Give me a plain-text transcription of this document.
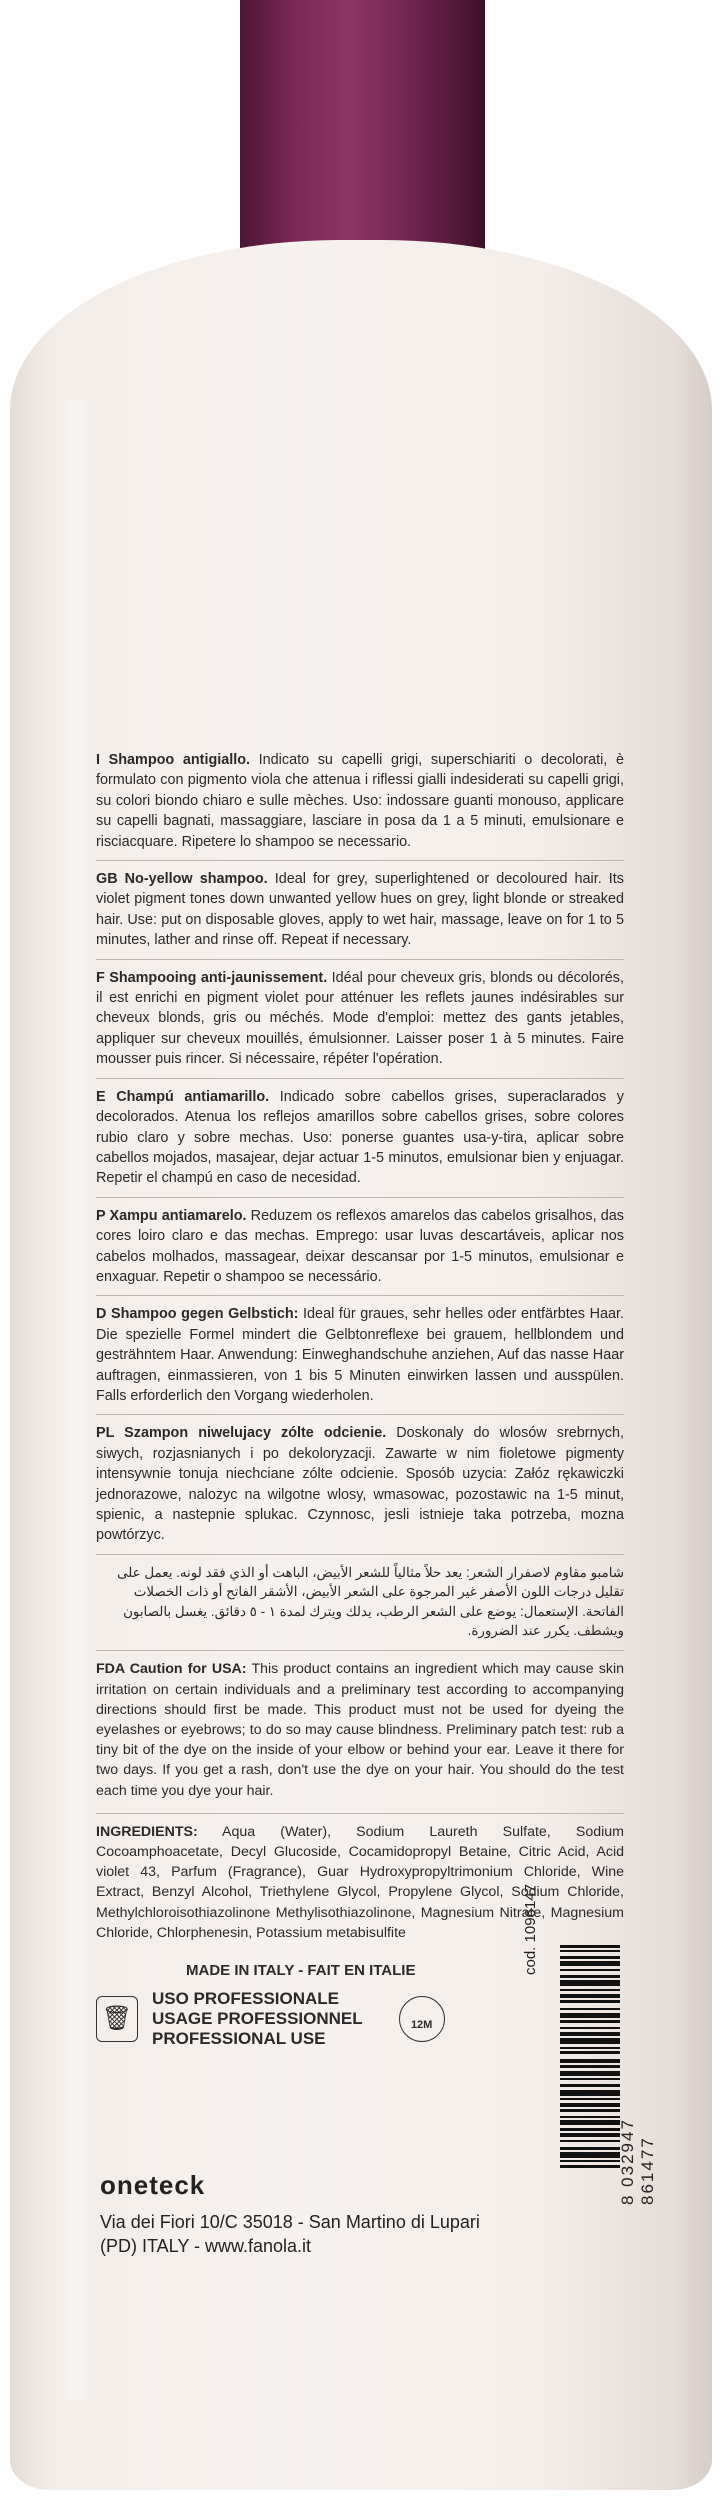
I Shampoo antigiallo. Indicato su capelli grigi, superschiariti o decolorati, è formulato con pigmento viola che attenua i riflessi gialli indesiderati su capelli grigi, su colori biondo chiaro e sulle mèches. Uso: indossare guanti monouso, applicare su capelli bagnati, massaggiare, lasciare in posa da 1 a 5 minuti, emulsionare e risciacquare. Ripetere lo shampoo se necessario.

GB No-yellow shampoo. Ideal for grey, superlightened or decoloured hair. Its violet pigment tones down unwanted yellow hues on grey, light blonde or streaked hair. Use: put on disposable gloves, apply to wet hair, massage, leave on for 1 to 5 minutes, lather and rinse off. Repeat if necessary.

F Shampooing anti-jaunissement. Idéal pour cheveux gris, blonds ou décolorés, il est enrichi en pigment violet pour atténuer les reflets jaunes indésirables sur cheveux blonds, gris ou méchés. Mode d'emploi: mettez des gants jetables, appliquer sur cheveux mouillés, émulsionner. Laisser poser 1 à 5 minutes. Faire mousser puis rincer. Si nécessaire, répéter l'opération.

E Champú antiamarillo. Indicado sobre cabellos grises, superaclarados y decolorados. Atenua los reflejos amarillos sobre cabellos grises, sobre colores rubio claro y sobre mechas. Uso: ponerse guantes usa-y-tira, aplicar sobre cabellos mojados, masajear, dejar actuar 1-5 minutos, emulsionar bien y enjuagar. Repetir el champú en caso de necesidad.

P Xampu antiamarelo. Reduzem os reflexos amarelos das cabelos grisalhos, das cores loiro claro e das mechas. Emprego: usar luvas descartáveis, aplicar nos cabelos molhados, massagear, deixar descansar por 1-5 minutos, emulsionar e enxaguar. Repetir o shampoo se necessário.

D Shampoo gegen Gelbstich: Ideal für graues, sehr helles oder entfärbtes Haar. Die spezielle Formel mindert die Gelbtonreflexe bei grauem, hellblondem und gesträhntem Haar. Anwendung: Einweghandschuhe anziehen, Auf das nasse Haar auftragen, einmassieren, von 1 bis 5 Minuten einwirken lassen und ausspülen. Falls erforderlich den Vorgang wiederholen.

PL Szampon niwelujacy zólte odcienie. Doskonaly do wlosów srebrnych, siwych, rozjasnianych i po dekoloryzacji. Zawarte w nim fioletowe pigmenty intensywnie tonuja niechciane zólte odcienie. Sposób uzycia: Załóz rękawiczki jednorazowe, nalozyc na wilgotne wlosy, wmasowac, pozostawic na 1-5 minut, spienic, a nastepnie splukac. Czynnosc, jesli istnieje taka potrzeba, mozna powtórzyc.

شامبو مقاوم لاصفرار الشعر: يعد حلاً مثالياً للشعر الأبيض، الباهت أو الذي فقد لونه. يعمل على تقليل درجات اللون الأصفر غير المرجوة على الشعر الأبيض، الأشقر الفاتح أو ذات الخصلات الفاتحة. الإستعمال: يوضع على الشعر الرطب، يدلك ويترك لمدة ١ - ٥ دقائق. يغسل بالصابون ويشطف. يكرر عند الضرورة.

FDA Caution for USA: This product contains an ingredient which may cause skin irritation on certain individuals and a preliminary test according to accompanying directions should first be made. This product must not be used for dyeing the eyelashes or eyebrows; to do so may cause blindness. Preliminary patch test: rub a tiny bit of the dye on the inside of your elbow or behind your ear. Leave it there for two days. If you get a rash, don't use the dye on your hair. You should do the test each time you dye your hair.

INGREDIENTS: Aqua (Water), Sodium Laureth Sulfate, Sodium Cocoamphoacetate, Decyl Glucoside, Cocamidopropyl Betaine, Citric Acid, Acid violet 43, Parfum (Fragrance), Guar Hydroxypropyltrimonium Chloride, Wine Extract, Benzyl Alcohol, Triethylene Glycol, Propylene Glycol, Sodium Chloride, Methylchloroisothiazolinone Methylisothiazolinone, Magnesium Nitrate, Magnesium Chloride, Chlorphenesin, Potassium metabisulfite

MADE IN ITALY - FAIT EN ITALIE
🗑
USO PROFESSIONALE
USAGE PROFESSIONNEL
PROFESSIONAL USE
12M
cod. 1096147
8 032947 861477
oneteck
Via dei Fiori 10/C 35018 - San Martino di Lupari
(PD) ITALY - www.fanola.it
